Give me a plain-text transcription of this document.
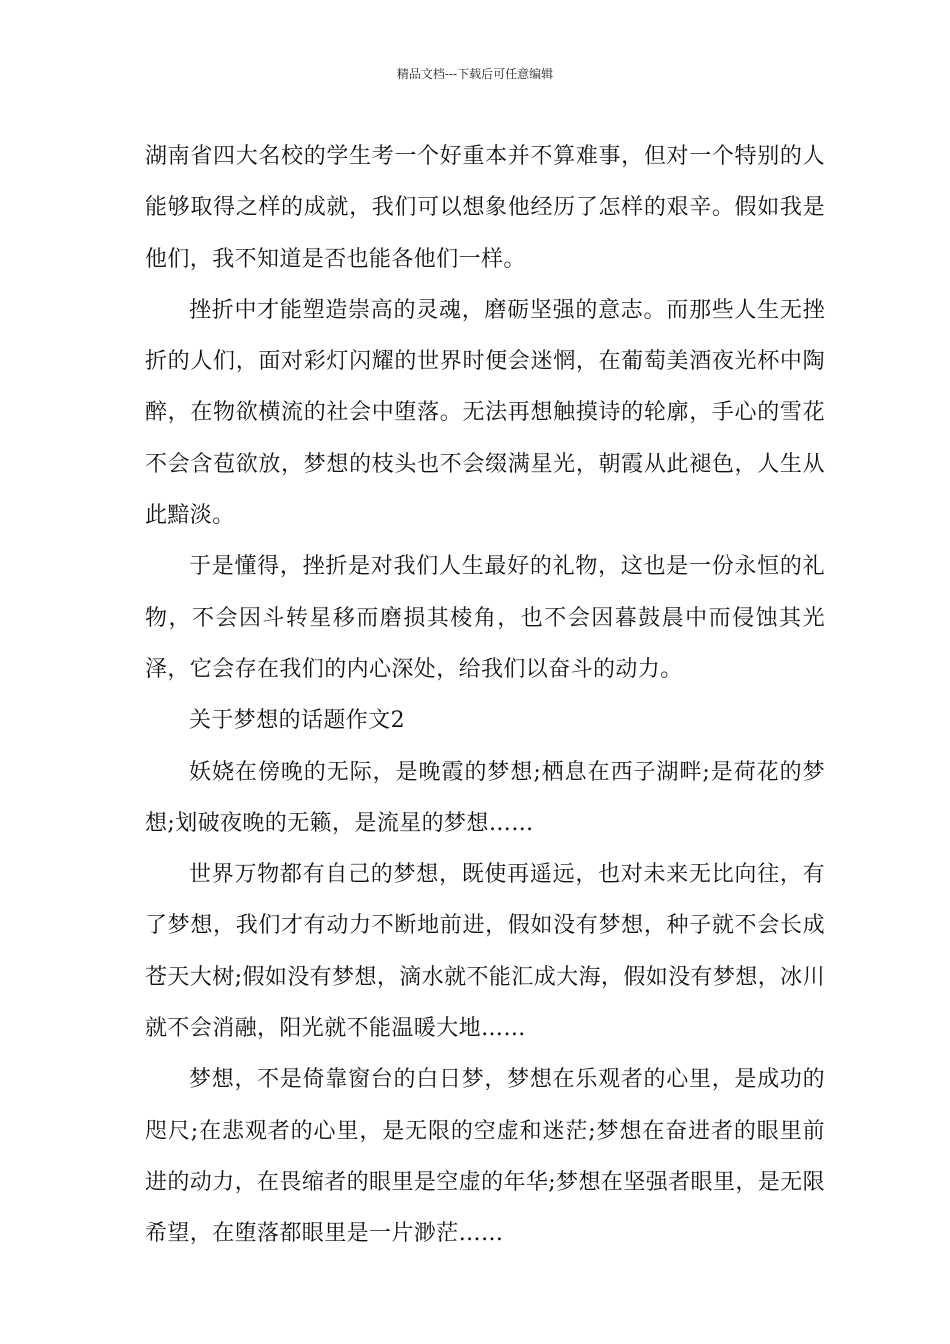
精品文档---下载后可任意编辑

湖南省四大名校的学生考一个好重本并不算难事，但对一个特别的人能够取得之样的成就，我们可以想象他经历了怎样的艰辛。假如我是他们，我不知道是否也能各他们一样。

挫折中才能塑造崇高的灵魂，磨砺坚强的意志。而那些人生无挫折的人们，面对彩灯闪耀的世界时便会迷惘，在葡萄美酒夜光杯中陶醉，在物欲横流的社会中堕落。无法再想触摸诗的轮廓，手心的雪花不会含苞欲放，梦想的枝头也不会缀满星光，朝霞从此褪色，人生从此黯淡。

于是懂得，挫折是对我们人生最好的礼物，这也是一份永恒的礼物，不会因斗转星移而磨损其棱角，也不会因暮鼓晨中而侵蚀其光泽，它会存在我们的内心深处，给我们以奋斗的动力。

关于梦想的话题作文2

妖娆在傍晚的无际，是晚霞的梦想;栖息在西子湖畔;是荷花的梦想;划破夜晚的无籁，是流星的梦想……

世界万物都有自己的梦想，既使再遥远，也对未来无比向往，有了梦想，我们才有动力不断地前进，假如没有梦想，种子就不会长成苍天大树;假如没有梦想，滴水就不能汇成大海，假如没有梦想，冰川就不会消融，阳光就不能温暖大地……

梦想，不是倚靠窗台的白日梦，梦想在乐观者的心里，是成功的咫尺;在悲观者的心里，是无限的空虚和迷茫;梦想在奋进者的眼里前进的动力，在畏缩者的眼里是空虚的年华;梦想在坚强者眼里，是无限希望，在堕落都眼里是一片渺茫……
